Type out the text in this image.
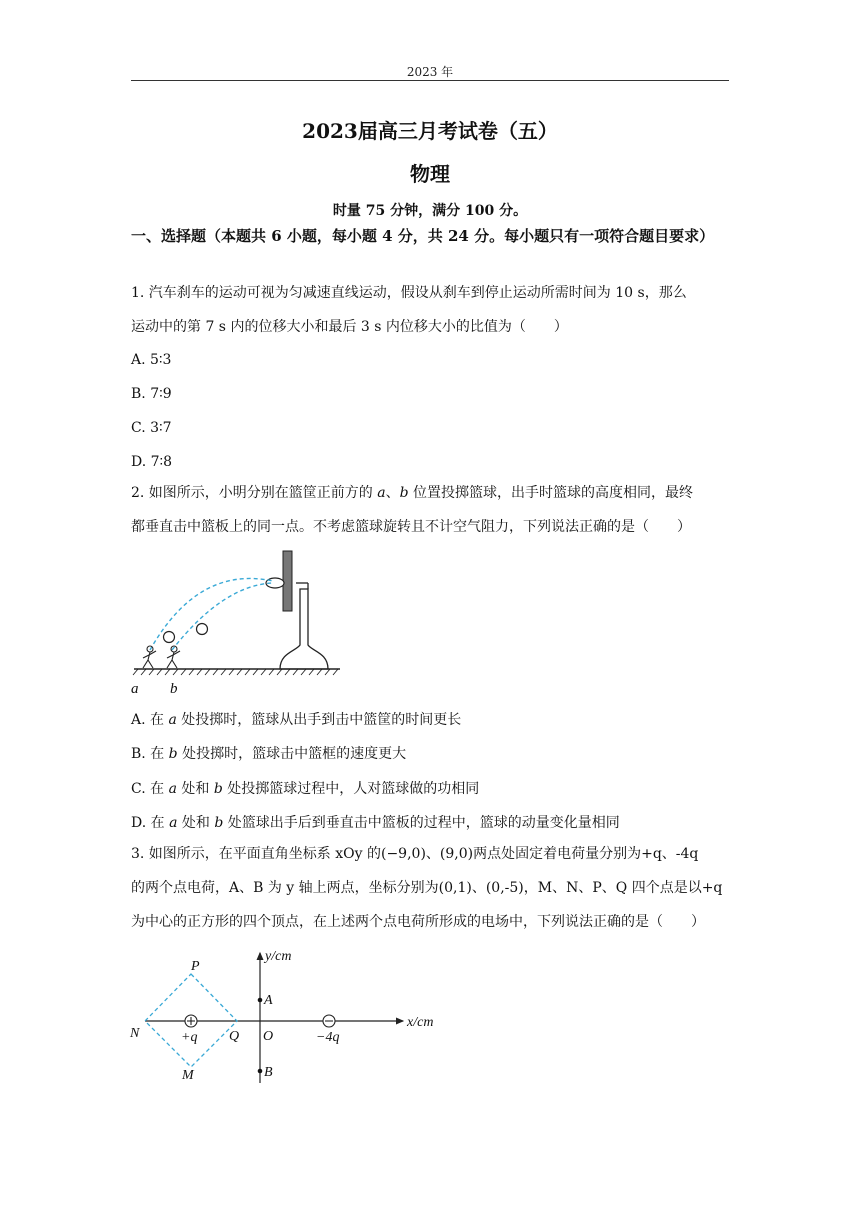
2023 年
2023届高三月考试卷（五）
物理
时量 75 分钟，满分 100 分。
一、选择题（本题共 6 小题，每小题 4 分，共 24 分。每小题只有一项符合题目要求）
1. 汽车刹车的运动可视为匀减速直线运动，假设从刹车到停止运动所需时间为 10 s，那么
运动中的第 7 s 内的位移大小和最后 3 s 内位移大小的比值为（　　）
A. 5∶3
B. 7∶9
C. 3∶7
D. 7∶8
2. 如图所示，小明分别在篮筐正前方的 a、b 位置投掷篮球，出手时篮球的高度相同，最终
都垂直击中篮板上的同一点。不考虑篮球旋转且不计空气阻力，下列说法正确的是（　　）
a b
A. 在 a 处投掷时，篮球从出手到击中篮筐的时间更长
B. 在 b 处投掷时，篮球击中篮框的速度更大
C. 在 a 处和 b 处投掷篮球过程中，人对篮球做的功相同
D. 在 a 处和 b 处篮球出手后到垂直击中篮板的过程中，篮球的动量变化量相同
3. 如图所示，在平面直角坐标系 xOy 的(−9,0)、(9,0)两点处固定着电荷量分别为+q、-4q
的两个点电荷，A、B 为 y 轴上两点，坐标分别为(0,1)、(0,-5)，M、N、P、Q 四个点是以+q
为中心的正方形的四个顶点，在上述两个点电荷所形成的电场中，下列说法正确的是（　　）
y/cm
x/cm
P
N	Q
M
O
A
B
+q	−4q
